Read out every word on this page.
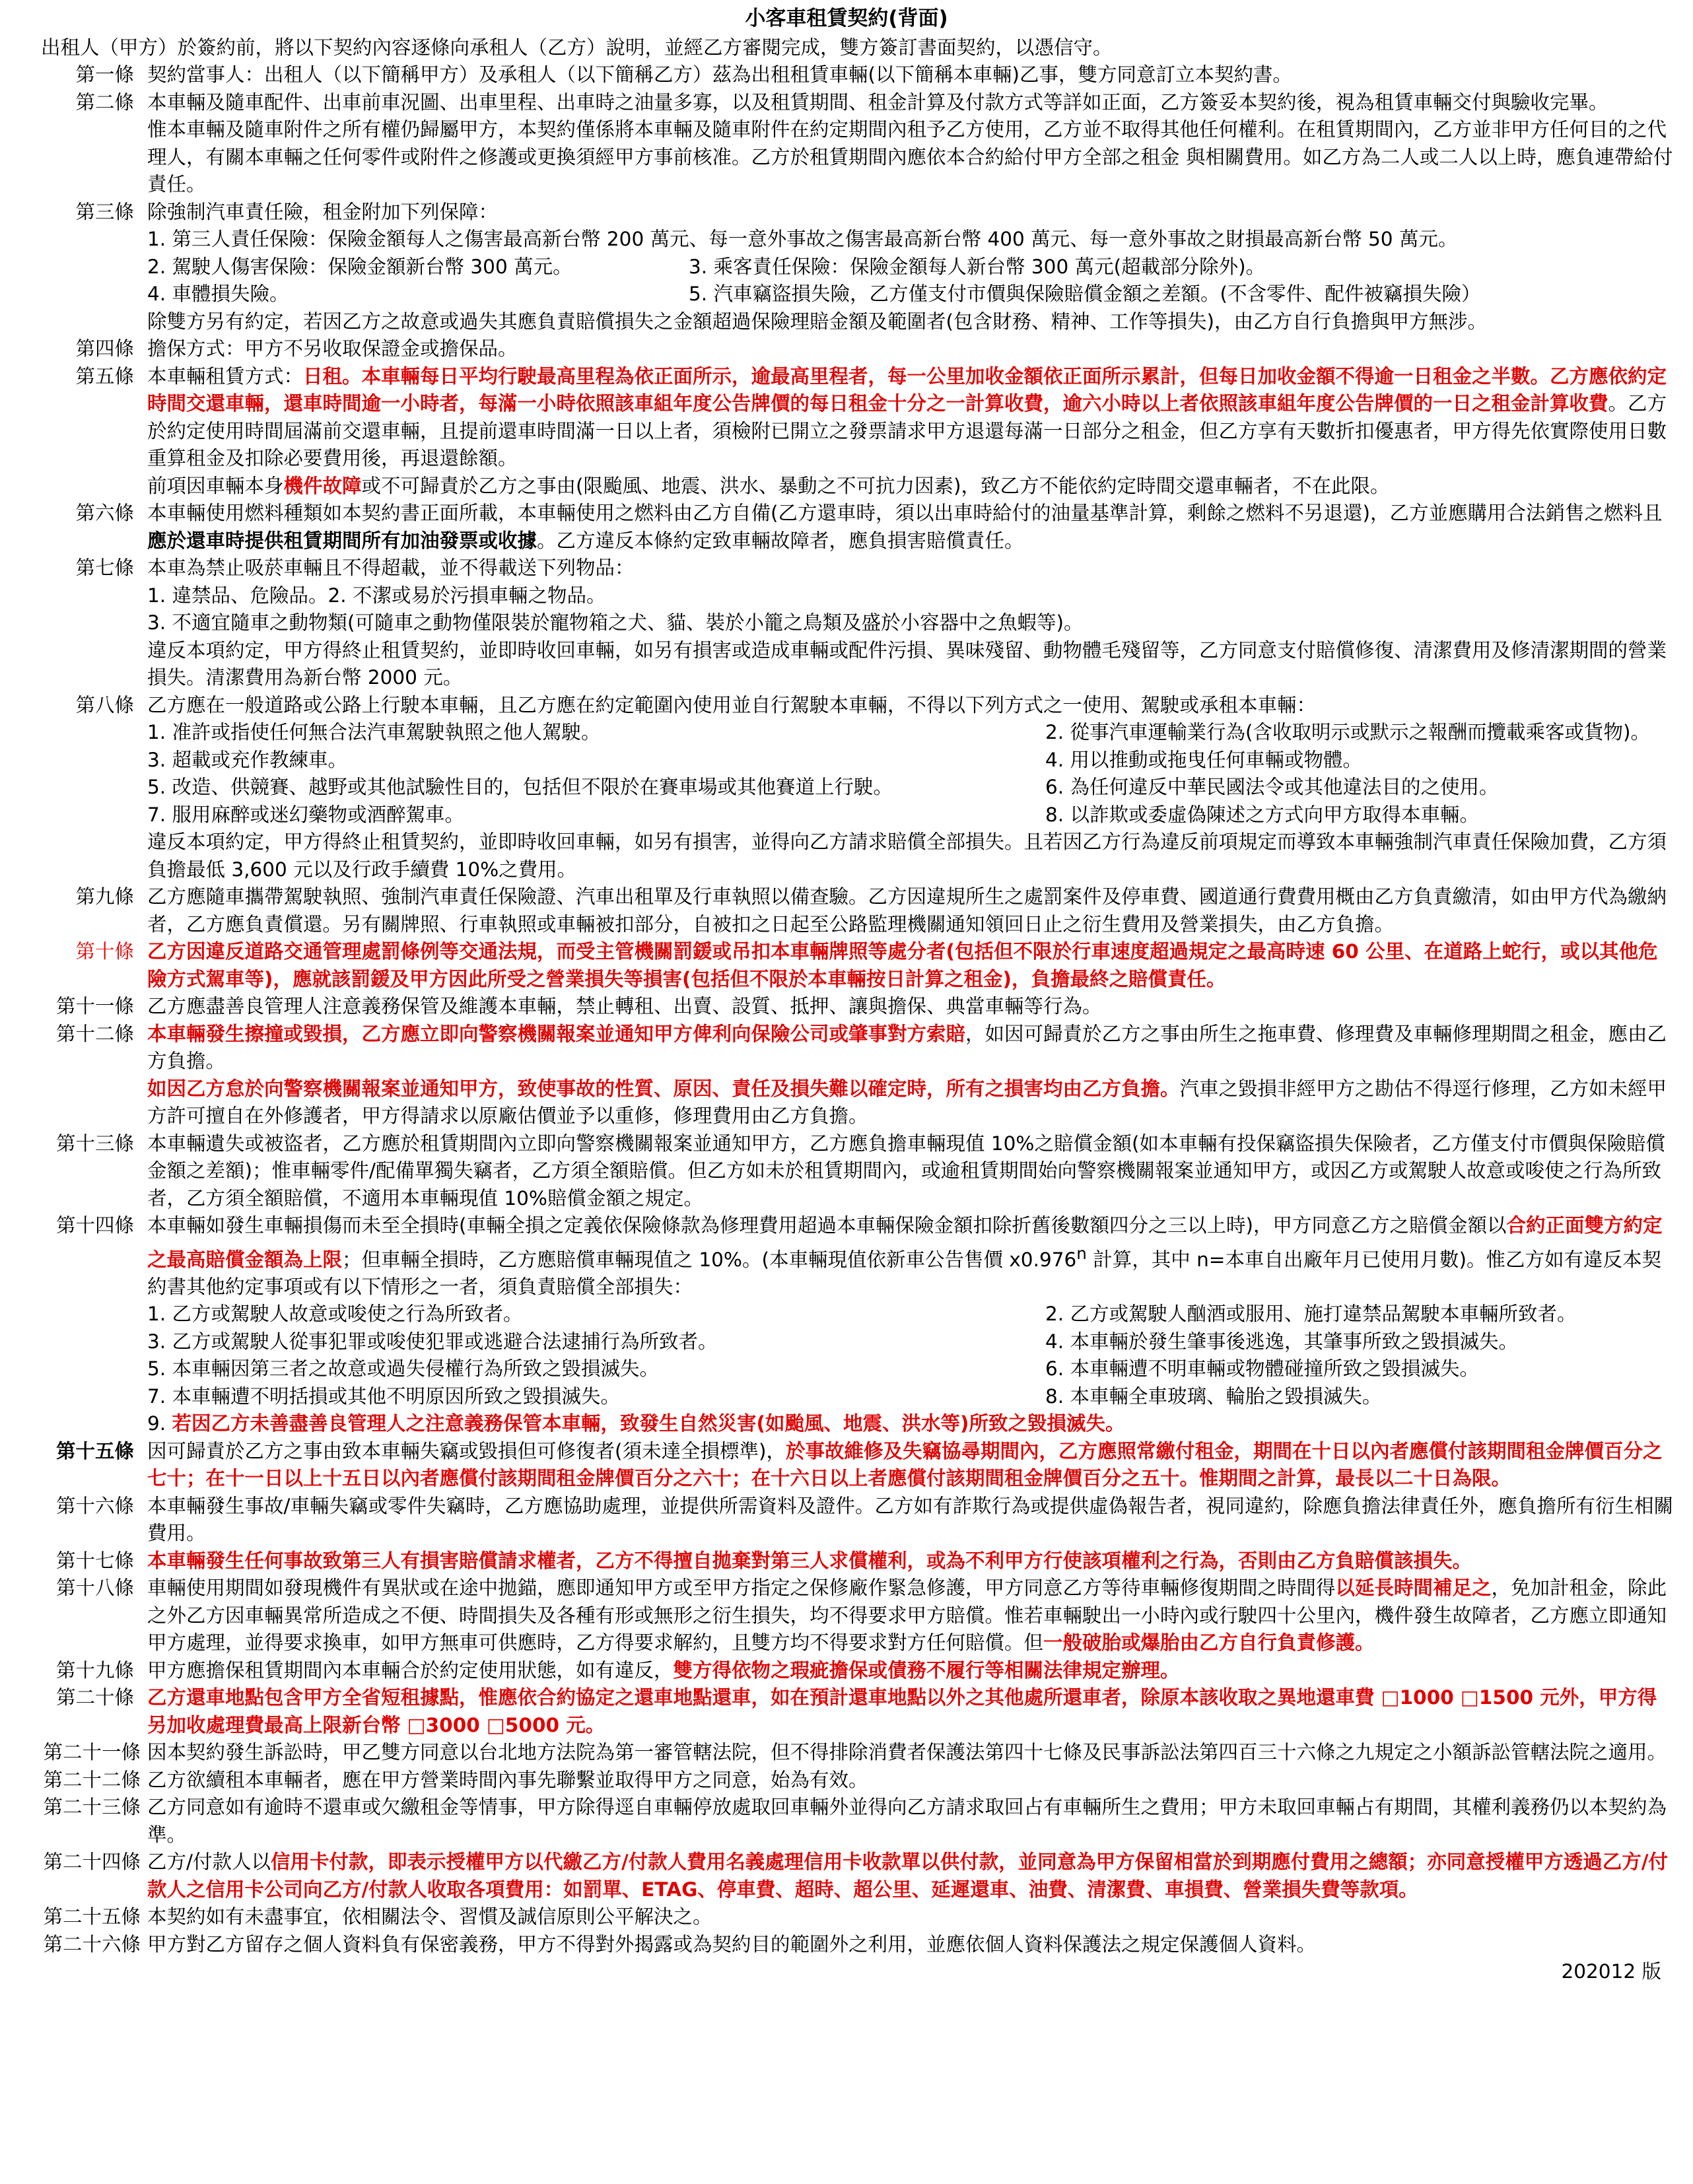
小客車租賃契約(背面)
出租人（甲方）於簽約前，將以下契約內容逐條向承租人（乙方）說明，並經乙方審閱完成，雙方簽訂書面契約，以憑信守。
第一條 契約當事人：出租人（以下簡稱甲方）及承租人（以下簡稱乙方）茲為出租租賃車輛(以下簡稱本車輛)乙事，雙方同意訂立本契約書。
第二條 本車輛及隨車配件、出車前車況圖、出車里程、出車時之油量多寡，以及租賃期間、租金計算及付款方式等詳如正面，乙方簽妥本契約後，視為租賃車輛交付與驗收完畢。
惟本車輛及隨車附件之所有權仍歸屬甲方，本契約僅係將本車輛及隨車附件在約定期間內租予乙方使用，乙方並不取得其他任何權利。在租賃期間內，乙方並非甲方任何目的之代理人，有關本車輛之任何零件或附件之修護或更換須經甲方事前核准。乙方於租賃期間內應依本合約給付甲方全部之租金 與相關費用。如乙方為二人或二人以上時，應負連帶給付責任。
第三條 除強制汽車責任險，租金附加下列保障：
1. 第三人責任保險：保險金額每人之傷害最高新台幣 200 萬元、每一意外事故之傷害最高新台幣 400 萬元、每一意外事故之財損最高新台幣 50 萬元。
2. 駕駛人傷害保險：保險金額新台幣 300 萬元。	3. 乘客責任保險：保險金額每人新台幣 300 萬元(超載部分除外)。
4. 車體損失險。	5. 汽車竊盜損失險，乙方僅支付市價與保險賠償金額之差額。(不含零件、配件被竊損失險）
除雙方另有約定，若因乙方之故意或過失其應負責賠償損失之金額超過保險理賠金額及範圍者(包含財務、精神、工作等損失)，由乙方自行負擔與甲方無涉。
第四條 擔保方式：甲方不另收取保證金或擔保品。
第五條 本車輛租賃方式：日租。本車輛每日平均行駛最高里程為依正面所示，逾最高里程者，每一公里加收金額依正面所示累計，但每日加收金額不得逾一日租金之半數。乙方應依約定時間交還車輛，還車時間逾一小時者，每滿一小時依照該車組年度公告牌價的每日租金十分之一計算收費，逾六小時以上者依照該車組年度公告牌價的一日之租金計算收費。乙方於約定使用時間屆滿前交還車輛，且提前還車時間滿一日以上者，須檢附已開立之發票請求甲方退還每滿一日部分之租金，但乙方享有天數折扣優惠者，甲方得先依實際使用日數重算租金及扣除必要費用後，再退還餘額。
前項因車輛本身機件故障或不可歸責於乙方之事由(限颱風、地震、洪水、暴動之不可抗力因素)，致乙方不能依約定時間交還車輛者，不在此限。
第六條 本車輛使用燃料種類如本契約書正面所載，本車輛使用之燃料由乙方自備(乙方還車時，須以出車時給付的油量基準計算，剩餘之燃料不另退還)，乙方並應購用合法銷售之燃料且應於還車時提供租賃期間所有加油發票或收據。乙方違反本條約定致車輛故障者，應負損害賠償責任。
第七條 本車為禁止吸菸車輛且不得超載，並不得載送下列物品：
1. 違禁品、危險品。2. 不潔或易於污損車輛之物品。
3. 不適宜隨車之動物類(可隨車之動物僅限裝於寵物箱之犬、貓、裝於小籠之鳥類及盛於小容器中之魚蝦等)。
違反本項約定，甲方得終止租賃契約，並即時收回車輛，如另有損害或造成車輛或配件污損、異味殘留、動物體毛殘留等，乙方同意支付賠償修復、清潔費用及修清潔期間的營業損失。清潔費用為新台幣 2000 元。
第八條 乙方應在一般道路或公路上行駛本車輛，且乙方應在約定範圍內使用並自行駕駛本車輛，不得以下列方式之一使用、駕駛或承租本車輛：
1. 准許或指使任何無合法汽車駕駛執照之他人駕駛。	2. 從事汽車運輸業行為(含收取明示或默示之報酬而攬載乘客或貨物)。
3. 超載或充作教練車。	4. 用以推動或拖曳任何車輛或物體。
5. 改造、供競賽、越野或其他試驗性目的，包括但不限於在賽車場或其他賽道上行駛。	6. 為任何違反中華民國法令或其他違法目的之使用。
7. 服用麻醉或迷幻藥物或酒醉駕車。	8. 以詐欺或委虛偽陳述之方式向甲方取得本車輛。
違反本項約定，甲方得終止租賃契約，並即時收回車輛，如另有損害，並得向乙方請求賠償全部損失。且若因乙方行為違反前項規定而導致本車輛強制汽車責任保險加費，乙方須負擔最低 3,600 元以及行政手續費 10%之費用。
第九條 乙方應隨車攜帶駕駛執照、強制汽車責任保險證、汽車出租單及行車執照以備查驗。乙方因違規所生之處罰案件及停車費、國道通行費費用概由乙方負責繳清，如由甲方代為繳納者，乙方應負責償還。另有關牌照、行車執照或車輛被扣部分，自被扣之日起至公路監理機關通知領回日止之衍生費用及營業損失，由乙方負擔。
第十條 乙方因違反道路交通管理處罰條例等交通法規，而受主管機關罰鍰或吊扣本車輛牌照等處分者(包括但不限於行車速度超過規定之最高時速 60 公里、在道路上蛇行，或以其他危險方式駕車等)，應就該罰鍰及甲方因此所受之營業損失等損害(包括但不限於本車輛按日計算之租金)，負擔最終之賠償責任。
第十一條 乙方應盡善良管理人注意義務保管及維護本車輛，禁止轉租、出賣、設質、抵押、讓與擔保、典當車輛等行為。
第十二條 本車輛發生擦撞或毀損，乙方應立即向警察機關報案並通知甲方俾利向保險公司或肇事對方索賠，如因可歸責於乙方之事由所生之拖車費、修理費及車輛修理期間之租金，應由乙方負擔。
如因乙方怠於向警察機關報案並通知甲方，致使事故的性質、原因、責任及損失難以確定時，所有之損害均由乙方負擔。汽車之毀損非經甲方之勘估不得逕行修理，乙方如未經甲方許可擅自在外修護者，甲方得請求以原廠估價並予以重修，修理費用由乙方負擔。
第十三條 本車輛遺失或被盜者，乙方應於租賃期間內立即向警察機關報案並通知甲方，乙方應負擔車輛現值 10%之賠償金額(如本車輛有投保竊盜損失保險者，乙方僅支付市價與保險賠償金額之差額)；惟車輛零件/配備單獨失竊者，乙方須全額賠償。但乙方如未於租賃期間內，或逾租賃期間始向警察機關報案並通知甲方，或因乙方或駕駛人故意或唆使之行為所致者，乙方須全額賠償，不適用本車輛現值 10%賠償金額之規定。
第十四條 本車輛如發生車輛損傷而未至全損時(車輛全損之定義依保險條款為修理費用超過本車輛保險金額扣除折舊後數額四分之三以上時)，甲方同意乙方之賠償金額以合約正面雙方約定之最高賠償金額為上限；但車輛全損時，乙方應賠償車輛現值之 10%。(本車輛現值依新車公告售價 x0.976$^n$ 計算，其中 n=本車自出廠年月已使用月數)。惟乙方如有違反本契約書其他約定事項或有以下情形之一者，須負責賠償全部損失：
1. 乙方或駕駛人故意或唆使之行為所致者。	2. 乙方或駕駛人酗酒或服用、施打違禁品駕駛本車輛所致者。
3. 乙方或駕駛人從事犯罪或唆使犯罪或逃避合法逮捕行為所致者。	4. 本車輛於發生肇事後逃逸，其肇事所致之毀損滅失。
5. 本車輛因第三者之故意或過失侵權行為所致之毀損滅失。	6. 本車輛遭不明車輛或物體碰撞所致之毀損滅失。
7. 本車輛遭不明括損或其他不明原因所致之毀損滅失。	8. 本車輛全車玻璃、輪胎之毀損滅失。
9. 若因乙方未善盡善良管理人之注意義務保管本車輛，致發生自然災害(如颱風、地震、洪水等)所致之毀損滅失。
第十五條 因可歸責於乙方之事由致本車輛失竊或毀損但可修復者(須未達全損標準)，於事故維修及失竊協尋期間內，乙方應照常繳付租金，期間在十日以內者應償付該期間租金牌價百分之七十；在十一日以上十五日以內者應償付該期間租金牌價百分之六十；在十六日以上者應償付該期間租金牌價百分之五十。惟期間之計算，最長以二十日為限。
第十六條 本車輛發生事故/車輛失竊或零件失竊時，乙方應協助處理，並提供所需資料及證件。乙方如有詐欺行為或提供虛偽報告者，視同違約，除應負擔法律責任外，應負擔所有衍生相關費用。
第十七條 本車輛發生任何事故致第三人有損害賠償請求權者，乙方不得擅自拋棄對第三人求償權利，或為不利甲方行使該項權利之行為，否則由乙方負賠償該損失。
第十八條 車輛使用期間如發現機件有異狀或在途中拋錨，應即通知甲方或至甲方指定之保修廠作緊急修護，甲方同意乙方等待車輛修復期間之時間得以延長時間補足之，免加計租金，除此之外乙方因車輛異常所造成之不便、時間損失及各種有形或無形之衍生損失，均不得要求甲方賠償。惟若車輛駛出一小時內或行駛四十公里內，機件發生故障者，乙方應立即通知甲方處理，並得要求換車，如甲方無車可供應時，乙方得要求解約，且雙方均不得要求對方任何賠償。但一般破胎或爆胎由乙方自行負責修護。
第十九條 甲方應擔保租賃期間內本車輛合於約定使用狀態，如有違反，雙方得依物之瑕疵擔保或債務不履行等相關法律規定辦理。
第二十條 乙方還車地點包含甲方全省短租據點，惟應依合約協定之還車地點還車，如在預計還車地點以外之其他處所還車者，除原本該收取之異地還車費 □1000 □1500 元外，甲方得另加收處理費最高上限新台幣 □3000 □5000 元。
第二十一條 因本契約發生訴訟時，甲乙雙方同意以台北地方法院為第一審管轄法院，但不得排除消費者保護法第四十七條及民事訴訟法第四百三十六條之九規定之小額訴訟管轄法院之適用。
第二十二條 乙方欲續租本車輛者，應在甲方營業時間內事先聯繫並取得甲方之同意，始為有效。
第二十三條 乙方同意如有逾時不還車或欠繳租金等情事，甲方除得逕自車輛停放處取回車輛外並得向乙方請求取回占有車輛所生之費用；甲方未取回車輛占有期間，其權利義務仍以本契約為準。
第二十四條 乙方/付款人以信用卡付款，即表示授權甲方以代繳乙方/付款人費用名義處理信用卡收款單以供付款，並同意為甲方保留相當於到期應付費用之總額；亦同意授權甲方透過乙方/付款人之信用卡公司向乙方/付款人收取各項費用：如罰單、ETAG、停車費、超時、超公里、延遲還車、油費、清潔費、車損費、營業損失費等款項。
第二十五條 本契約如有未盡事宜，依相關法令、習慣及誠信原則公平解決之。
第二十六條 甲方對乙方留存之個人資料負有保密義務，甲方不得對外揭露或為契約目的範圍外之利用，並應依個人資料保護法之規定保護個人資料。
202012 版
